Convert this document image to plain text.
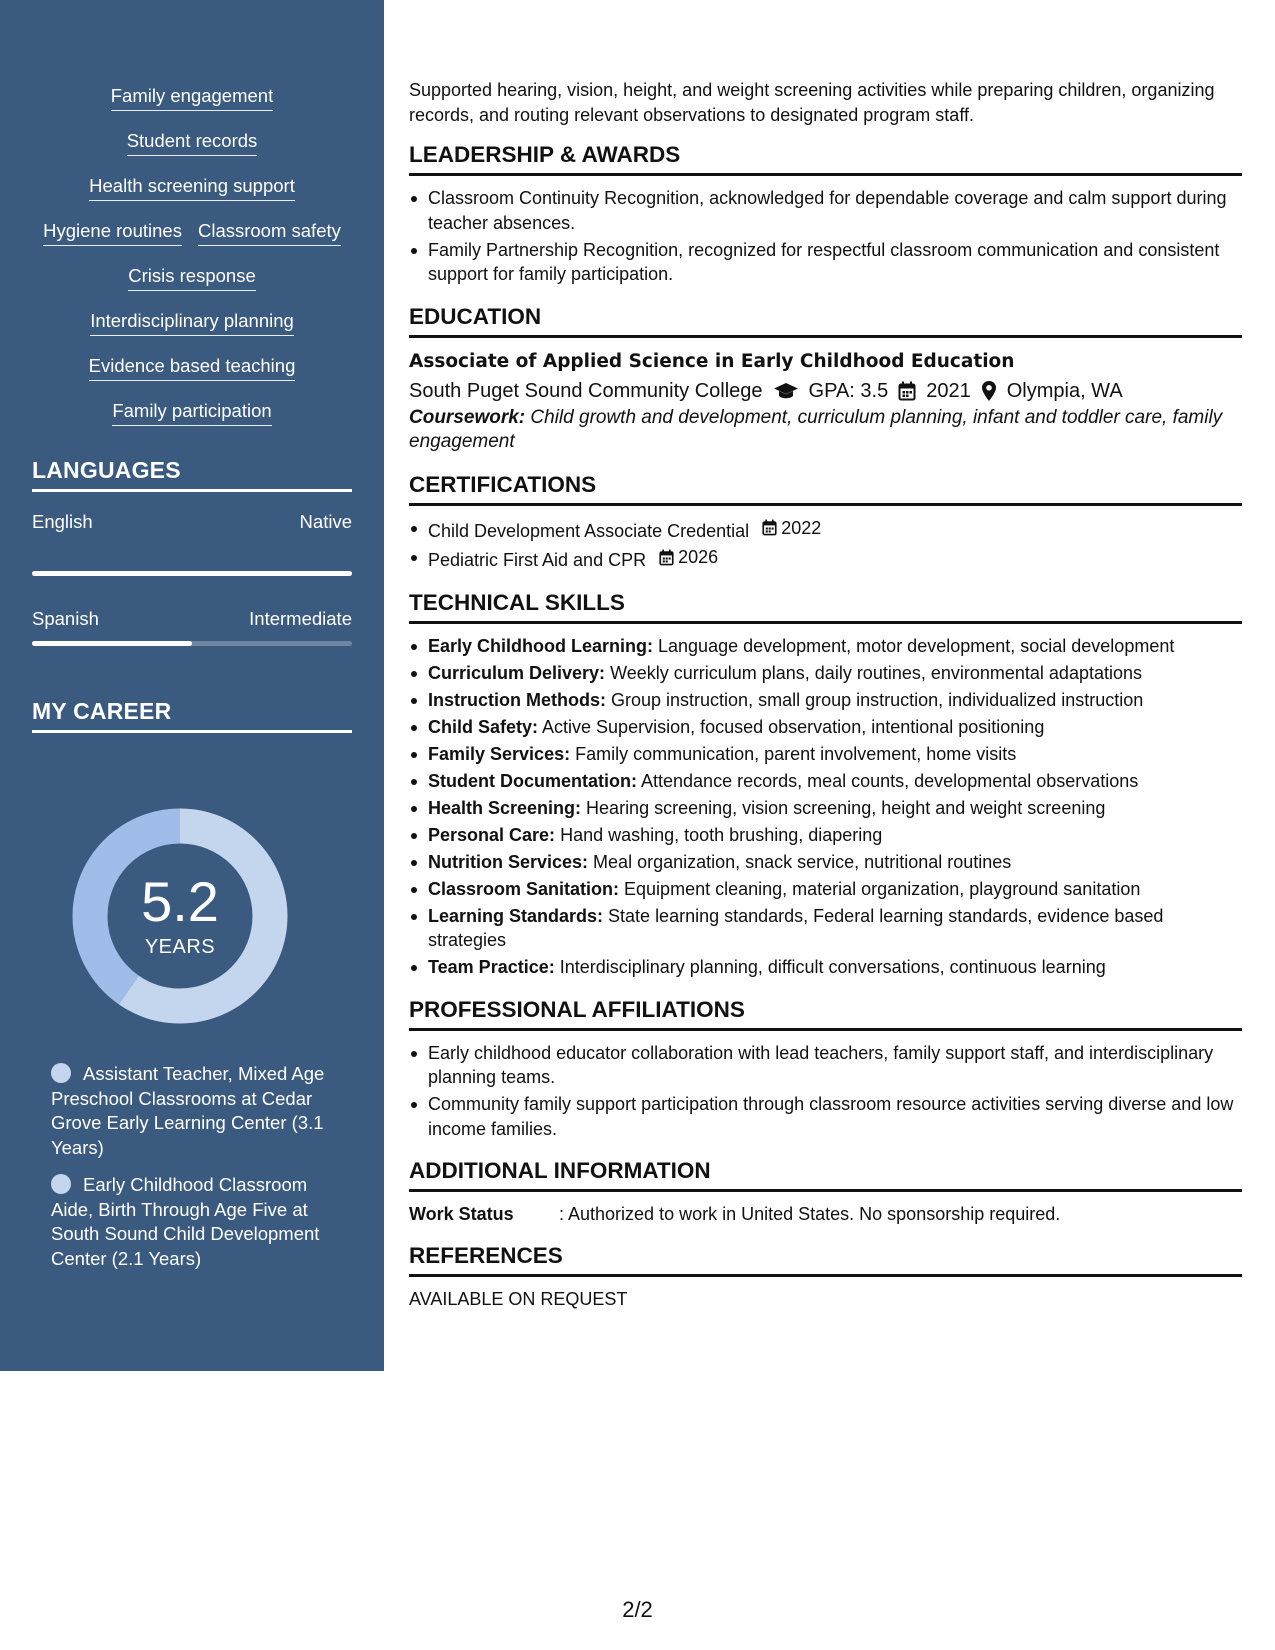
Family engagement
Student records
Health screening support
Hygiene routines Classroom safety
Crisis response
Interdisciplinary planning
Evidence based teaching
Family participation
LANGUAGES
English	Native
Spanish	Intermediate
MY CAREER
5.2
YEARS
Assistant Teacher, Mixed Age Preschool Classrooms at Cedar Grove Early Learning Center (3.1 Years)
Early Childhood Classroom Aide, Birth Through Age Five at South Sound Child Development Center (2.1 Years)

Supported hearing, vision, height, and weight screening activities while preparing children, organizing records, and routing relevant observations to designated program staff.

LEADERSHIP & AWARDS
Classroom Continuity Recognition, acknowledged for dependable coverage and calm support during teacher absences.
Family Partnership Recognition, recognized for respectful classroom communication and consistent support for family participation.
EDUCATION
Associate of Applied Science in Early Childhood Education
South Puget Sound Community College GPA: 3.5 2021 Olympia, WA

Coursework: Child growth and development, curriculum planning, infant and toddler care, family engagement

CERTIFICATIONS
Child Development Associate Credential 2022
Pediatric First Aid and CPR 2026
TECHNICAL SKILLS
Early Childhood Learning: Language development, motor development, social development
Curriculum Delivery: Weekly curriculum plans, daily routines, environmental adaptations
Instruction Methods: Group instruction, small group instruction, individualized instruction
Child Safety: Active Supervision, focused observation, intentional positioning
Family Services: Family communication, parent involvement, home visits
Student Documentation: Attendance records, meal counts, developmental observations
Health Screening: Hearing screening, vision screening, height and weight screening
Personal Care: Hand washing, tooth brushing, diapering
Nutrition Services: Meal organization, snack service, nutritional routines
Classroom Sanitation: Equipment cleaning, material organization, playground sanitation
Learning Standards: State learning standards, Federal learning standards, evidence based strategies
Team Practice: Interdisciplinary planning, difficult conversations, continuous learning
PROFESSIONAL AFFILIATIONS
Early childhood educator collaboration with lead teachers, family support staff, and interdisciplinary planning teams.
Community family support participation through classroom resource activities serving diverse and low income families.
ADDITIONAL INFORMATION
Work Status	: Authorized to work in United States. No sponsorship required.
REFERENCES
AVAILABLE ON REQUEST
2/2
